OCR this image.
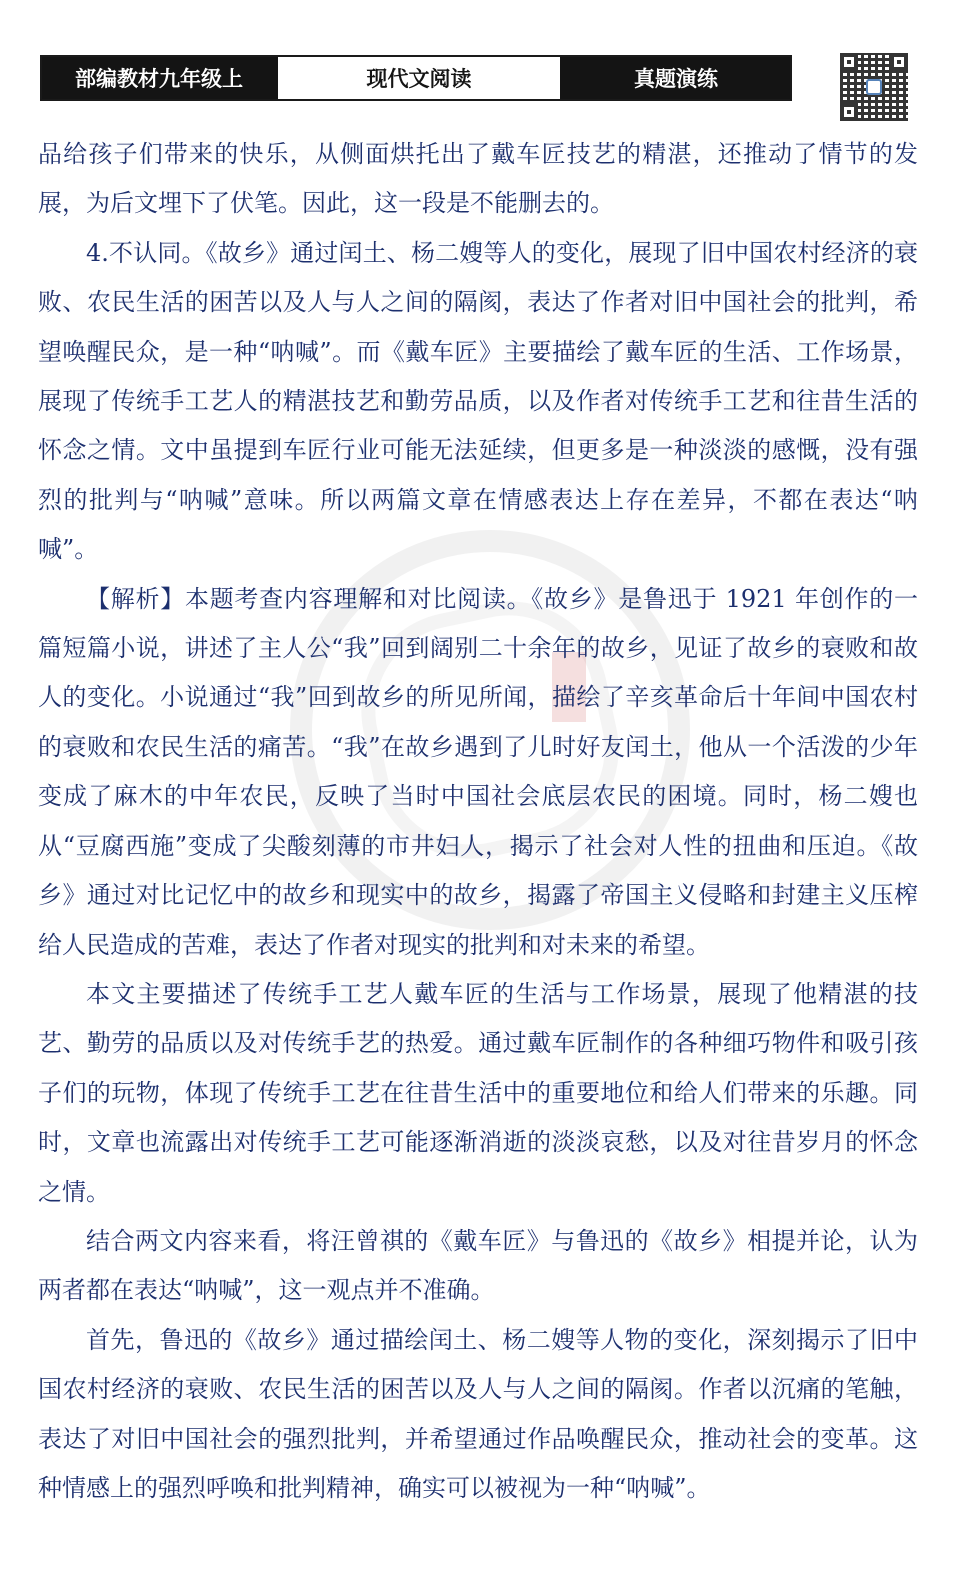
部编教材九年级上	现代文阅读	真题演练

品给孩子们带来的快乐，从侧面烘托出了戴车匠技艺的精湛，还推动了情节的发展，为后文埋下了伏笔。因此，这一段是不能删去的。

4.不认同。《故乡》通过闰土、杨二嫂等人的变化，展现了旧中国农村经济的衰败、农民生活的困苦以及人与人之间的隔阂，表达了作者对旧中国社会的批判，希望唤醒民众，是一种“呐喊”。而《戴车匠》主要描绘了戴车匠的生活、工作场景，展现了传统手工艺人的精湛技艺和勤劳品质，以及作者对传统手工艺和往昔生活的怀念之情。文中虽提到车匠行业可能无法延续，但更多是一种淡淡的感慨，没有强烈的批判与“呐喊”意味。所以两篇文章在情感表达上存在差异，不都在表达“呐喊”。

【解析】本题考查内容理解和对比阅读。《故乡》是鲁迅于 1921 年创作的一篇短篇小说，讲述了主人公“我”回到阔别二十余年的故乡，见证了故乡的衰败和故人的变化。小说通过“我”回到故乡的所见所闻，描绘了辛亥革命后十年间中国农村的衰败和农民生活的痛苦。“我”在故乡遇到了儿时好友闰土，他从一个活泼的少年变成了麻木的中年农民，反映了当时中国社会底层农民的困境。同时，杨二嫂也从“豆腐西施”变成了尖酸刻薄的市井妇人，揭示了社会对人性的扭曲和压迫。《故乡》通过对比记忆中的故乡和现实中的故乡，揭露了帝国主义侵略和封建主义压榨给人民造成的苦难，表达了作者对现实的批判和对未来的希望。

本文主要描述了传统手工艺人戴车匠的生活与工作场景，展现了他精湛的技艺、勤劳的品质以及对传统手艺的热爱。通过戴车匠制作的各种细巧物件和吸引孩子们的玩物，体现了传统手工艺在往昔生活中的重要地位和给人们带来的乐趣。同时，文章也流露出对传统手工艺可能逐渐消逝的淡淡哀愁，以及对往昔岁月的怀念之情。

结合两文内容来看，将汪曾祺的《戴车匠》与鲁迅的《故乡》相提并论，认为两者都在表达“呐喊”，这一观点并不准确。

首先，鲁迅的《故乡》通过描绘闰土、杨二嫂等人物的变化，深刻揭示了旧中国农村经济的衰败、农民生活的困苦以及人与人之间的隔阂。作者以沉痛的笔触，表达了对旧中国社会的强烈批判，并希望通过作品唤醒民众，推动社会的变革。这种情感上的强烈呼唤和批判精神，确实可以被视为一种“呐喊”。
